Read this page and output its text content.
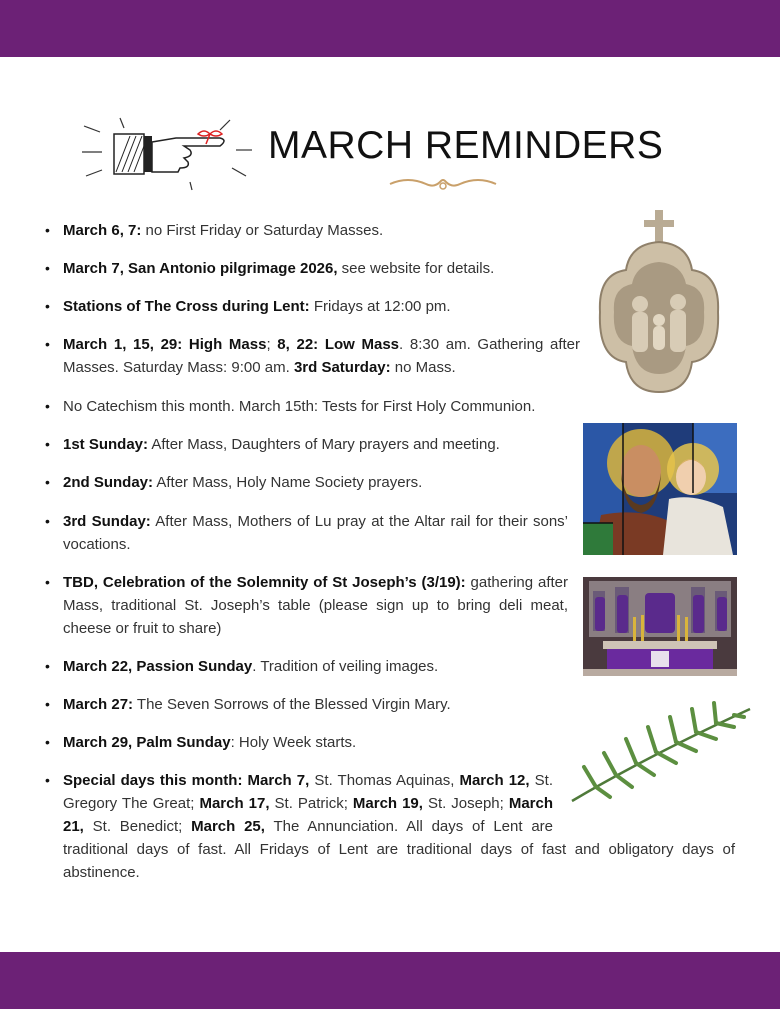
MARCH REMINDERS
• March 6, 7: no First Friday or Saturday Masses.
• March 7, San Antonio pilgrimage 2026, see website for details.
• Stations of The Cross during Lent: Fridays at 12:00 pm.
• March 1, 15, 29: High Mass; 8, 22: Low Mass. 8:30 am. Gathering after Masses. Saturday Mass: 9:00 am. 3rd Saturday: no Mass.
• No Catechism this month. March 15th: Tests for First Holy Communion.
• 1st Sunday: After Mass, Daughters of Mary prayers and meeting.
• 2nd Sunday: After Mass, Holy Name Society prayers.
• 3rd Sunday: After Mass, Mothers of Lu pray at the Altar rail for their sons’ vocations.
• TBD, Celebration of the Solemnity of St Joseph’s (3/19): gathering after Mass, traditional St. Joseph’s table (please sign up to bring deli meat, cheese or fruit to share)
• March 22, Passion Sunday. Tradition of veiling images.
• March 27: The Seven Sorrows of the Blessed Virgin Mary.
• March 29, Palm Sunday: Holy Week starts.
• Special days this month: March 7, St. Thomas Aquinas, March 12, St. Gregory The Great; March 17, St. Patrick; March 19, St. Joseph; March 21, St. Benedict; March 25, The Annunciation. All days of Lent are traditional days of fast. All Fridays of Lent are traditional days of fast and obligatory days of abstinence.
